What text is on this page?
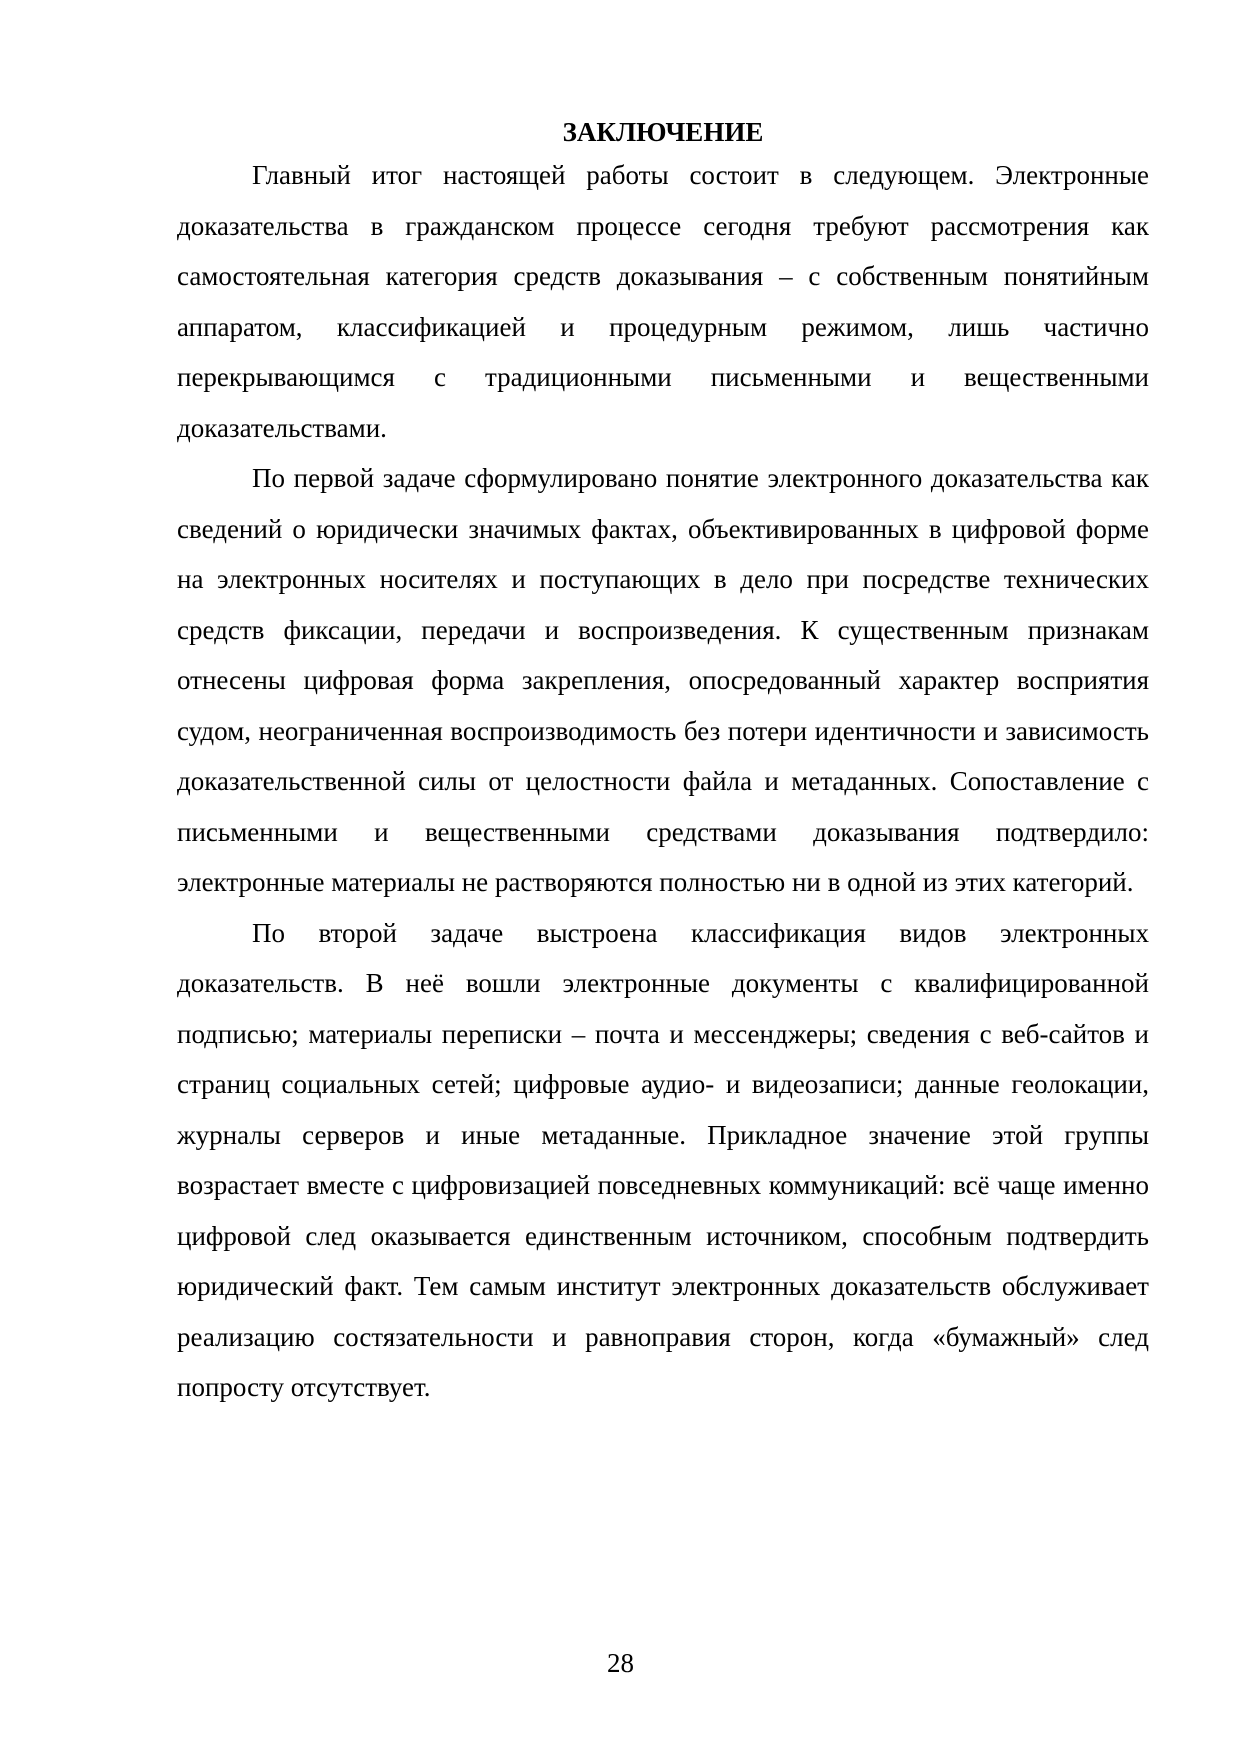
ЗАКЛЮЧЕНИЕ

Главный итог настоящей работы состоит в следующем. Электронные доказательства в гражданском процессе сегодня требуют рассмотрения как самостоятельная категория средств доказывания – с собственным понятийным аппаратом, классификацией и процедурным режимом, лишь частично перекрывающимся с традиционными письменными и вещественными доказательствами.

По первой задаче сформулировано понятие электронного доказательства как сведений о юридически значимых фактах, объективированных в цифровой форме на электронных носителях и поступающих в дело при посредстве технических средств фиксации, передачи и воспроизведения. К существенным признакам отнесены цифровая форма закрепления, опосредованный характер восприятия судом, неограниченная воспроизводимость без потери идентичности и зависимость доказательственной силы от целостности файла и метаданных. Сопоставление с письменными и вещественными средствами доказывания подтвердило: электронные материалы не растворяются полностью ни в одной из этих категорий.

По второй задаче выстроена классификация видов электронных доказательств. В неё вошли электронные документы с квалифицированной подписью; материалы переписки – почта и мессенджеры; сведения с веб-сайтов и страниц социальных сетей; цифровые аудио- и видеозаписи; данные геолокации, журналы серверов и иные метаданные. Прикладное значение этой группы возрастает вместе с цифровизацией повседневных коммуникаций: всё чаще именно цифровой след оказывается единственным источником, способным подтвердить юридический факт. Тем самым институт электронных доказательств обслуживает реализацию состязательности и равноправия сторон, когда «бумажный» след попросту отсутствует.

28
